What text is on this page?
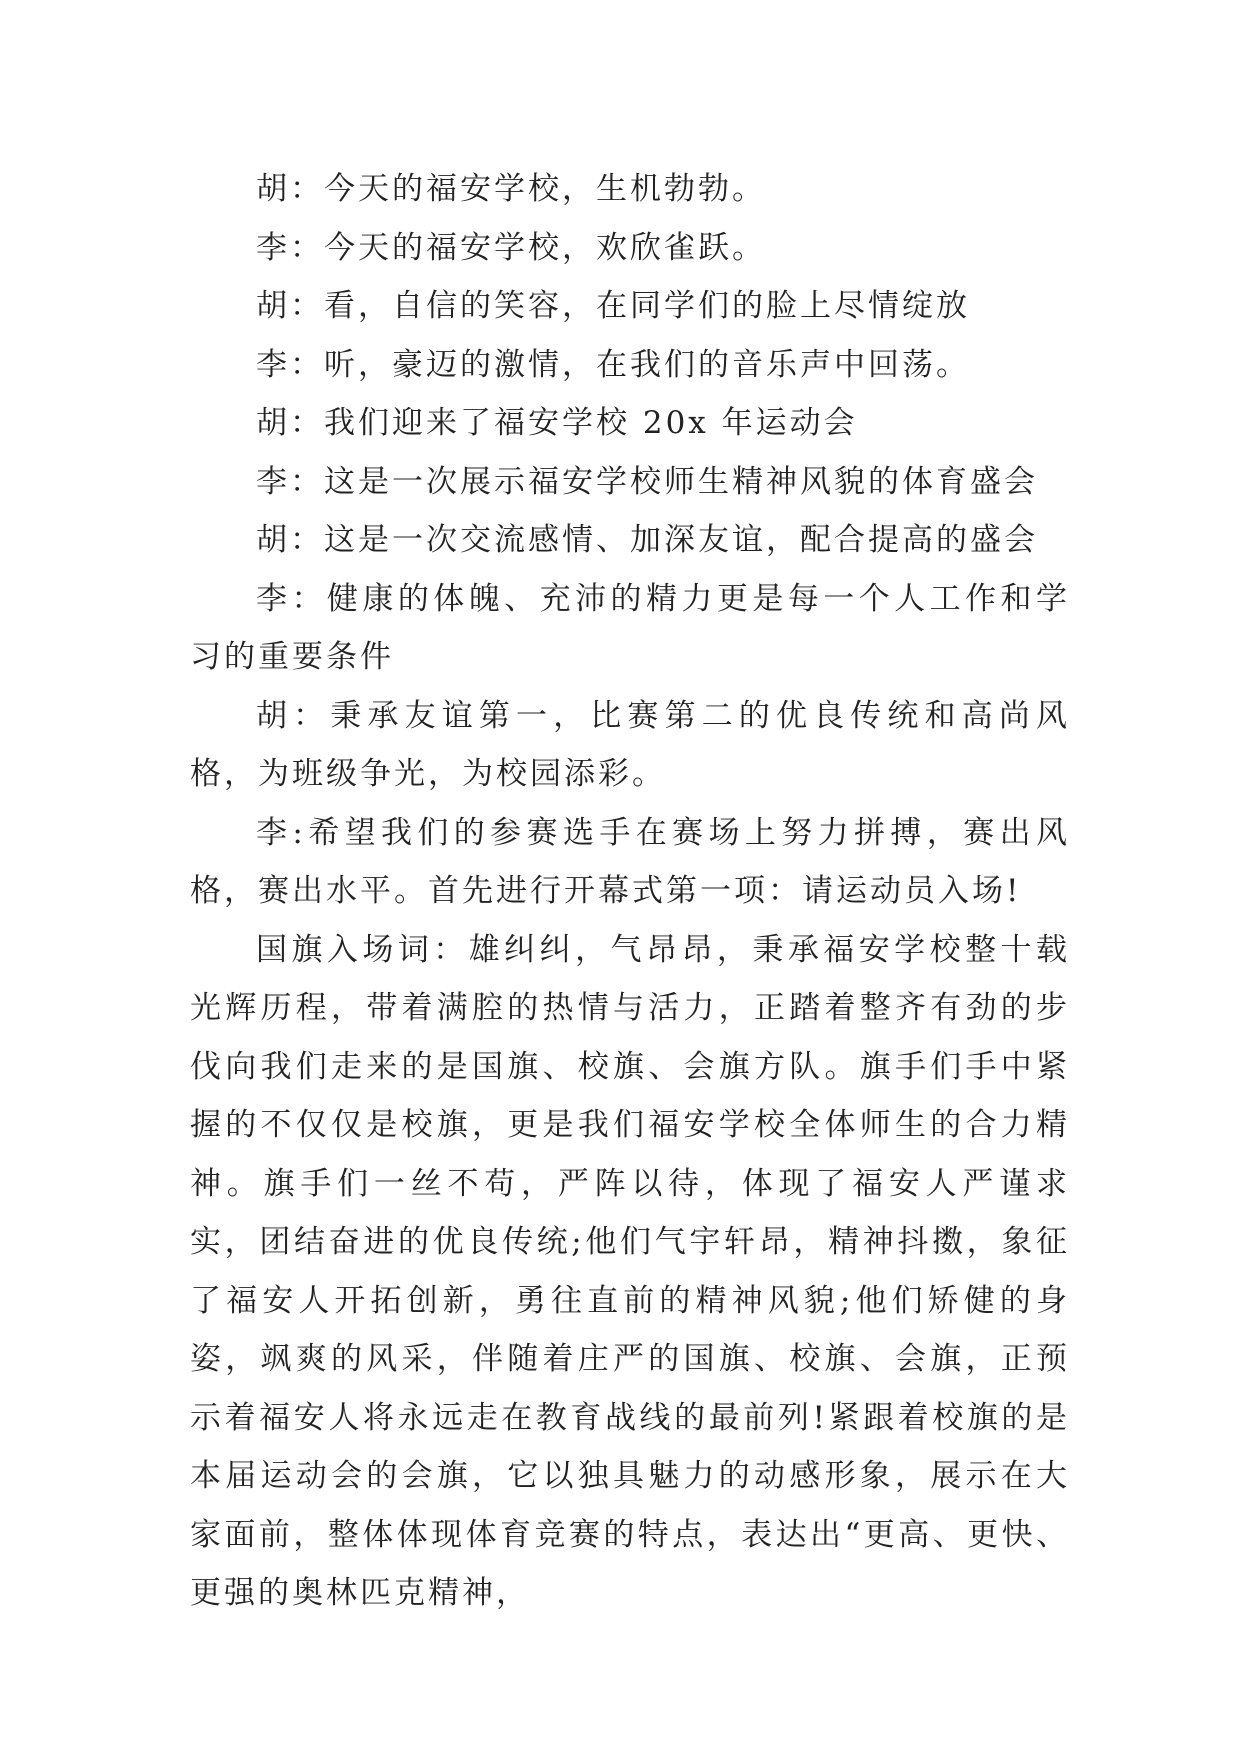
胡：今天的福安学校，生机勃勃。

李：今天的福安学校，欢欣雀跃。

胡：看，自信的笑容，在同学们的脸上尽情绽放

李：听，豪迈的激情，在我们的音乐声中回荡。

胡：我们迎来了福安学校 20x 年运动会

李：这是一次展示福安学校师生精神风貌的体育盛会

胡：这是一次交流感情、加深友谊，配合提高的盛会

李：健康的体魄、充沛的精力更是每一个人工作和学习的重要条件

胡：秉承友谊第一，比赛第二的优良传统和高尚风格，为班级争光，为校园添彩。

李:希望我们的参赛选手在赛场上努力拼搏，赛出风格，赛出水平。首先进行开幕式第一项：请运动员入场!

国旗入场词：雄纠纠，气昂昂，秉承福安学校整十载光辉历程，带着满腔的热情与活力，正踏着整齐有劲的步伐向我们走来的是国旗、校旗、会旗方队。旗手们手中紧握的不仅仅是校旗，更是我们福安学校全体师生的合力精神。旗手们一丝不苟，严阵以待，体现了福安人严谨求实，团结奋进的优良传统;他们气宇轩昂，精神抖擞，象征了福安人开拓创新，勇往直前的精神风貌;他们矫健的身姿，飒爽的风采，伴随着庄严的国旗、校旗、会旗，正预示着福安人将永远走在教育战线的最前列!紧跟着校旗的是本届运动会的会旗，它以独具魅力的动感形象，展示在大家面前，整体体现体育竞赛的特点，表达出“更高、更快、更强的奥林匹克精神，
